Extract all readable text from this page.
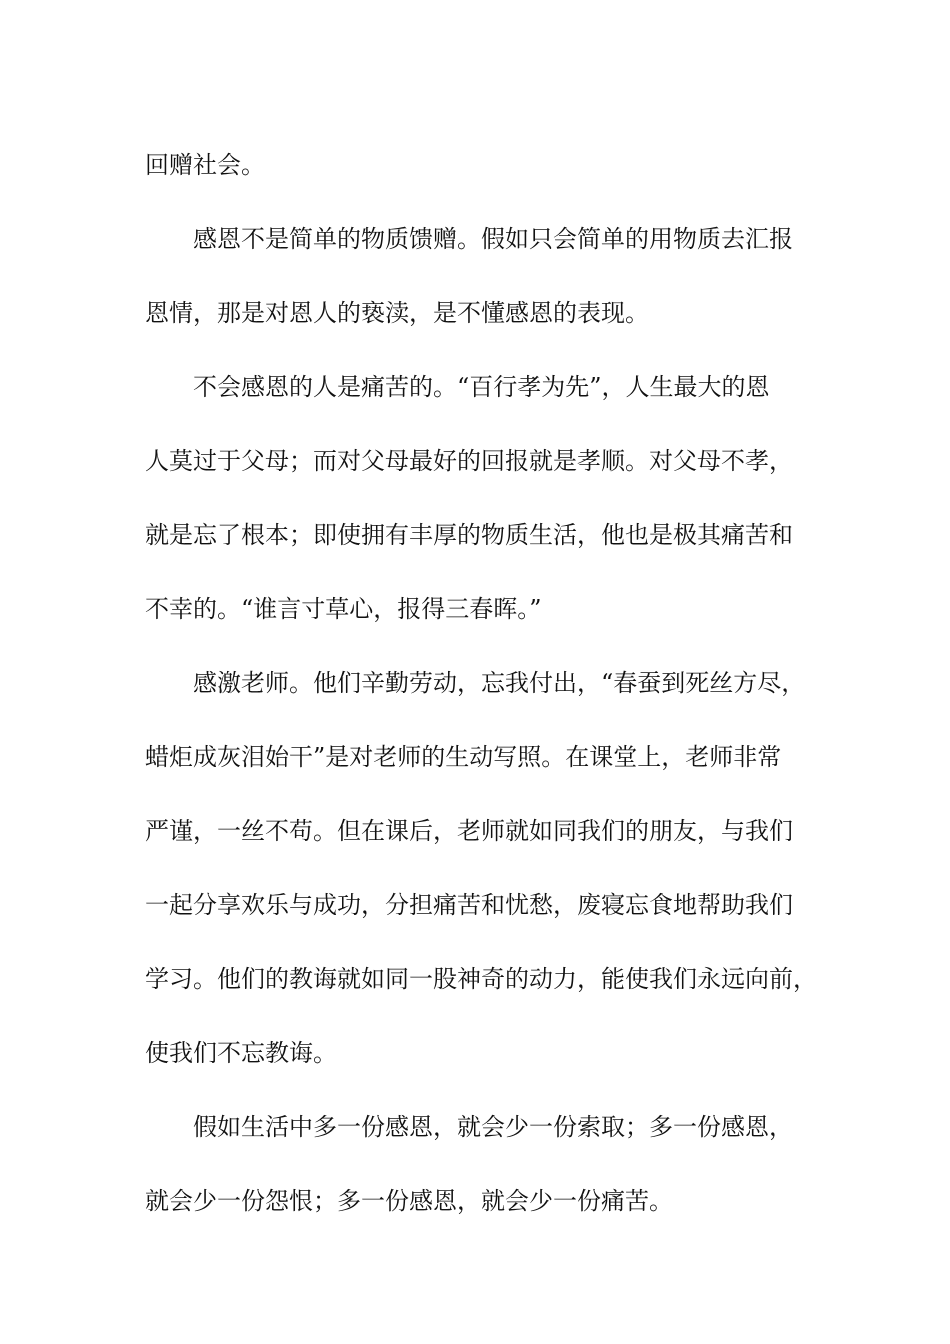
回赠社会。

感恩不是简单的物质馈赠。假如只会简单的用物质去汇报
恩情，那是对恩人的亵渎，是不懂感恩的表现。

不会感恩的人是痛苦的。“百行孝为先”，人生最大的恩
人莫过于父母；而对父母最好的回报就是孝顺。对父母不孝，
就是忘了根本；即使拥有丰厚的物质生活，他也是极其痛苦和
不幸的。“谁言寸草心，报得三春晖。”

感激老师。他们辛勤劳动，忘我付出，“春蚕到死丝方尽，
蜡炬成灰泪始干”是对老师的生动写照。在课堂上，老师非常
严谨，一丝不苟。但在课后，老师就如同我们的朋友，与我们
一起分享欢乐与成功，分担痛苦和忧愁，废寝忘食地帮助我们
学习。他们的教诲就如同一股神奇的动力，能使我们永远向前，
使我们不忘教诲。

假如生活中多一份感恩，就会少一份索取；多一份感恩，
就会少一份怨恨；多一份感恩，就会少一份痛苦。
